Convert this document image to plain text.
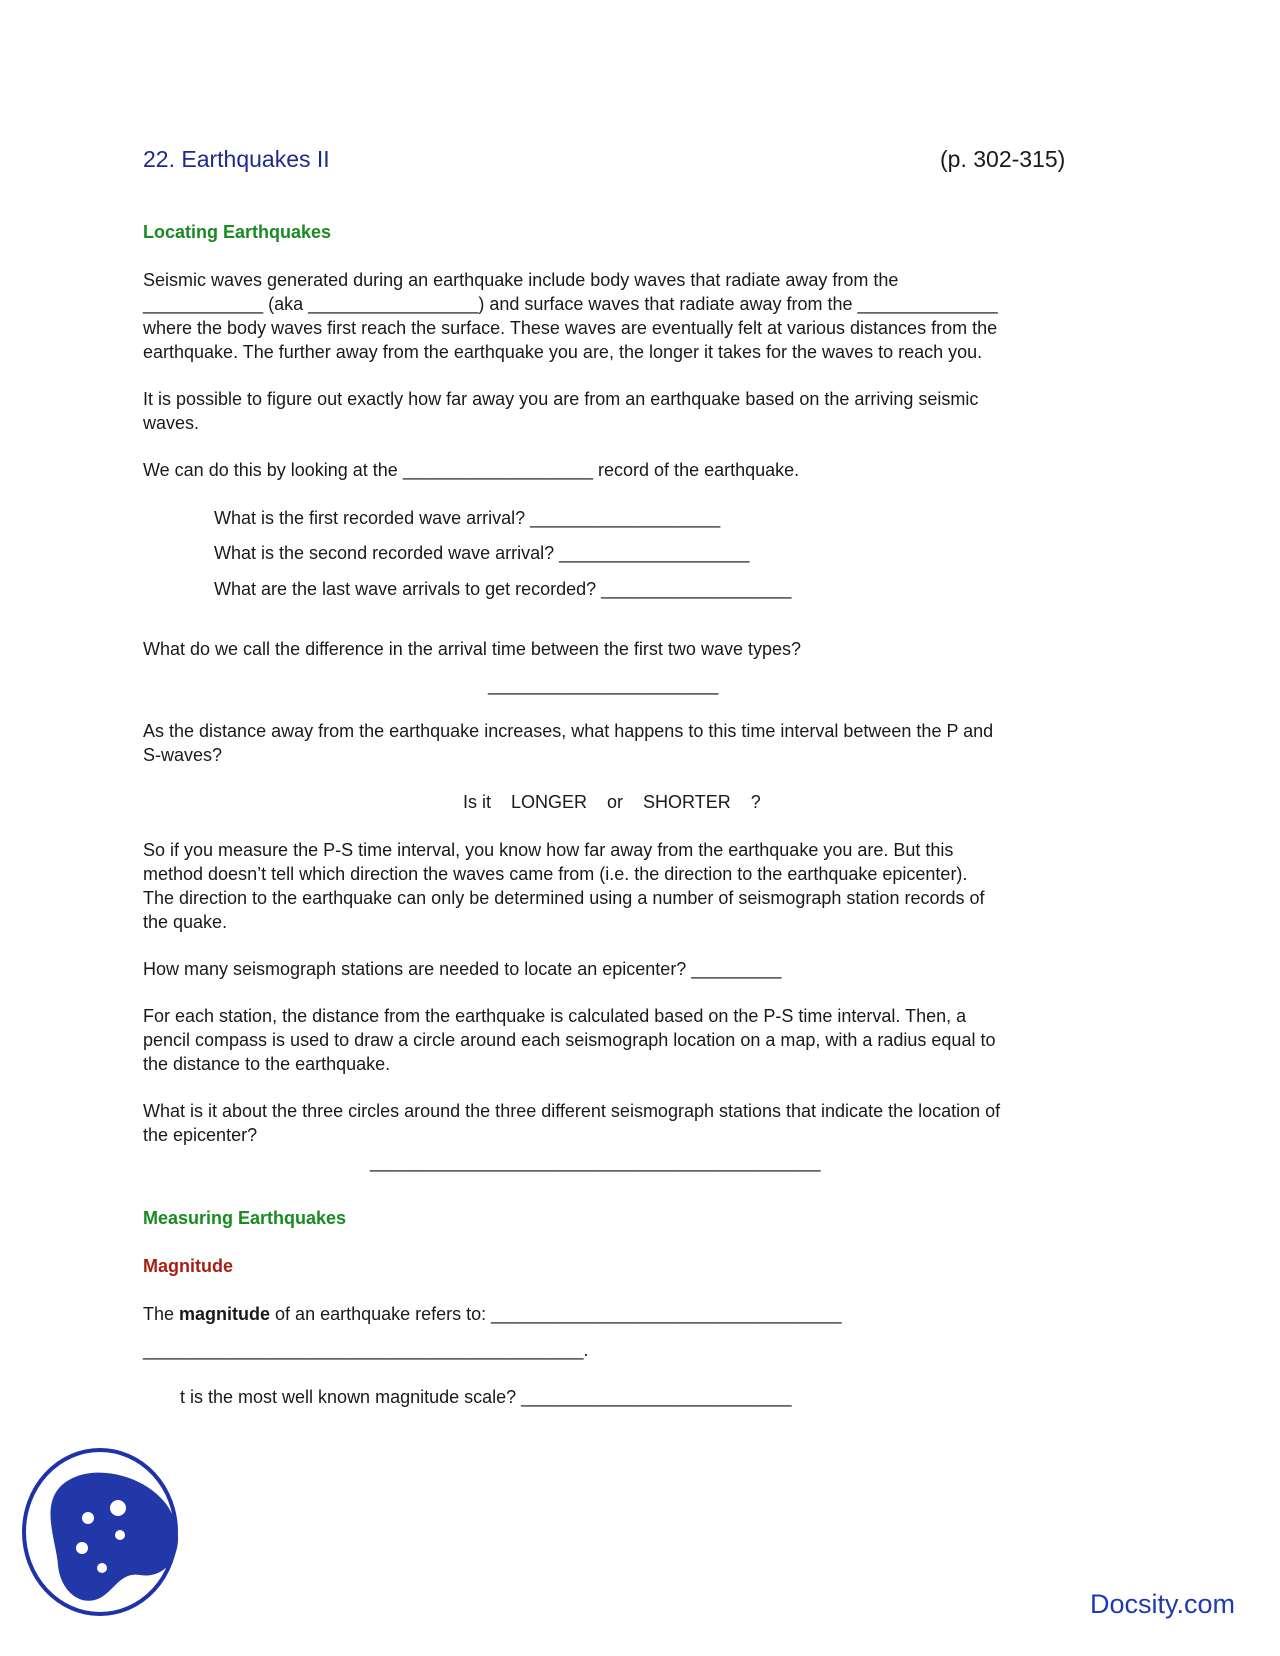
22. Earthquakes II	(p. 302-315)
Locating Earthquakes
Seismic waves generated during an earthquake include body waves that radiate away from the
____________ (aka _________________) and surface waves that radiate away from the ______________
where the body waves first reach the surface. These waves are eventually felt at various distances from the
earthquake. The further away from the earthquake you are, the longer it takes for the waves to reach you.
It is possible to figure out exactly how far away you are from an earthquake based on the arriving seismic
waves.
We can do this by looking at the ___________________ record of the earthquake.
What is the first recorded wave arrival? ___________________
What is the second recorded wave arrival? ___________________
What are the last wave arrivals to get recorded? ___________________
What do we call the difference in the arrival time between the first two wave types?
_______________________
As the distance away from the earthquake increases, what happens to this time interval between the P and
S-waves?
Is it    LONGER    or    SHORTER    ?
So if you measure the P-S time interval, you know how far away from the earthquake you are. But this
method doesn’t tell which direction the waves came from (i.e. the direction to the earthquake epicenter).
The direction to the earthquake can only be determined using a number of seismograph station records of
the quake.
How many seismograph stations are needed to locate an epicenter? _________
For each station, the distance from the earthquake is calculated based on the P-S time interval. Then, a
pencil compass is used to draw a circle around each seismograph location on a map, with a radius equal to
the distance to the earthquake.
What is it about the three circles around the three different seismograph stations that indicate the location of
the epicenter?
_____________________________________________
Measuring Earthquakes
Magnitude
The magnitude of an earthquake refers to: ___________________________________
____________________________________________.
t is the most well known magnitude scale? ___________________________
Docsity.com
